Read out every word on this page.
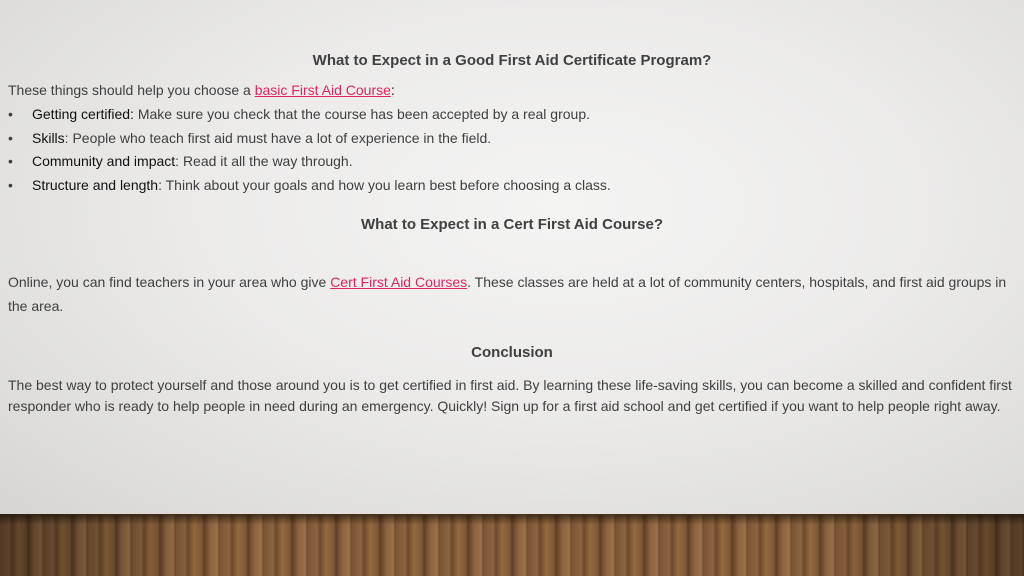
What to Expect in a Good First Aid Certificate Program?

These things should help you choose a basic First Aid Course:

• Getting certified: Make sure you check that the course has been accepted by a real group.
• Skills: People who teach first aid must have a lot of experience in the field.
• Community and impact: Read it all the way through.
• Structure and length: Think about your goals and how you learn best before choosing a class.
What to Expect in a Cert First Aid Course?

Online, you can find teachers in your area who give Cert First Aid Courses. These classes are held at a lot of community centers, hospitals, and first aid groups in the area.

Conclusion

The best way to protect yourself and those around you is to get certified in first aid. By learning these life-saving skills, you can become a skilled and confident first responder who is ready to help people in need during an emergency. Quickly! Sign up for a first aid school and get certified if you want to help people right away.
